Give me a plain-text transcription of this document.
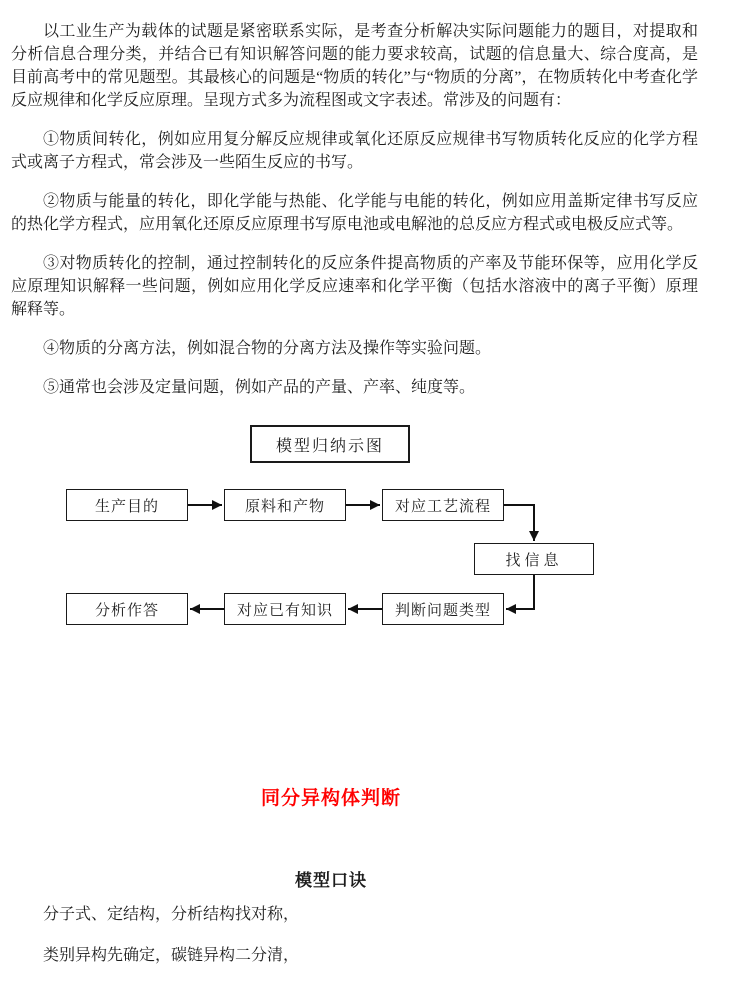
以工业生产为载体的试题是紧密联系实际，是考查分析解决实际问题能力的题目，对提取和分析信息合理分类，并结合已有知识解答问题的能力要求较高，试题的信息量大、综合度高，是目前高考中的常见题型。其最核心的问题是“物质的转化”与“物质的分离”，在物质转化中考查化学反应规律和化学反应原理。呈现方式多为流程图或文字表述。常涉及的问题有：

①物质间转化，例如应用复分解反应规律或氧化还原反应规律书写物质转化反应的化学方程式或离子方程式，常会涉及一些陌生反应的书写。

②物质与能量的转化，即化学能与热能、化学能与电能的转化，例如应用盖斯定律书写反应的热化学方程式，应用氧化还原反应原理书写原电池或电解池的总反应方程式或电极反应式等。

③对物质转化的控制，通过控制转化的反应条件提高物质的产率及节能环保等，应用化学反应原理知识解释一些问题，例如应用化学反应速率和化学平衡（包括水溶液中的离子平衡）原理解释等。

④物质的分离方法，例如混合物的分离方法及操作等实验问题。

⑤通常也会涉及定量问题，例如产品的产量、产率、纯度等。

模型归纳示图
生产目的	原料和产物	对应工艺流程
找信息
判断问题类型
对应已有知识
分析作答
同分异构体判断
模型口诀

分子式、定结构，分析结构找对称，

类别异构先确定，碳链异构二分清，
